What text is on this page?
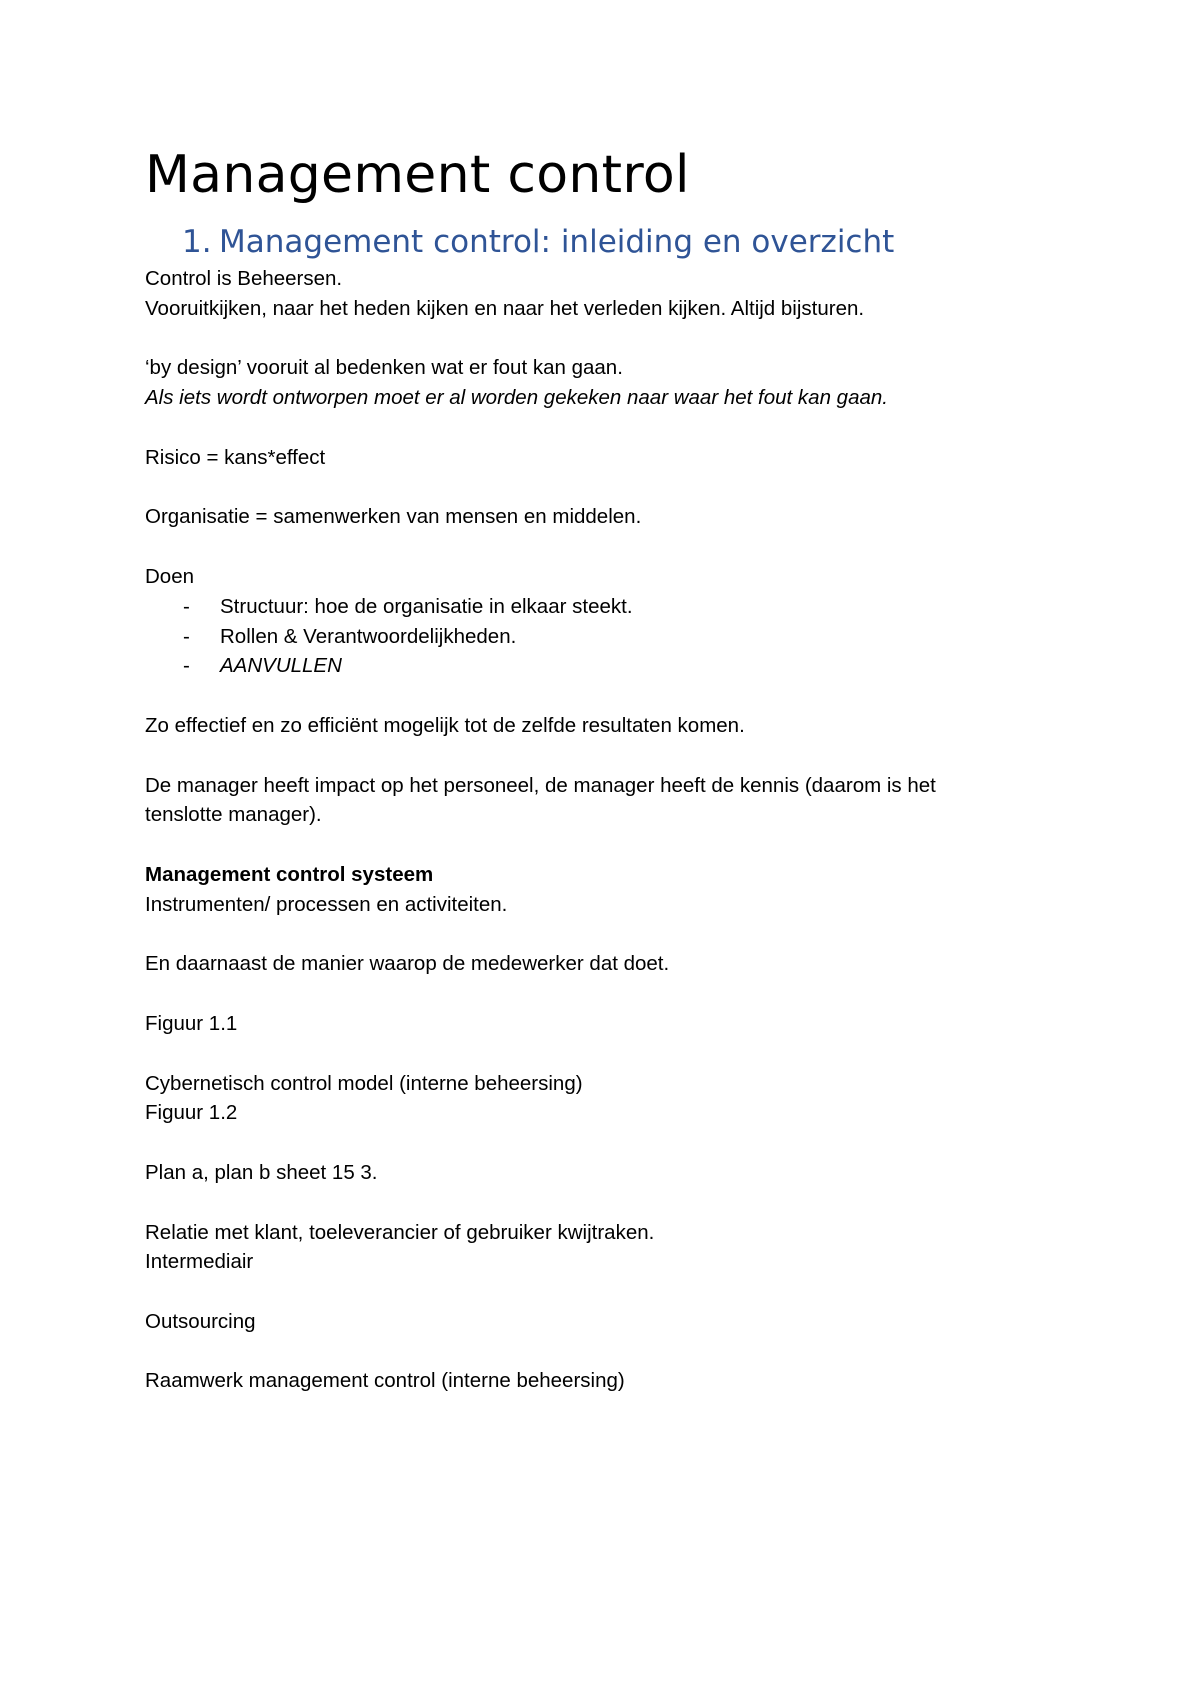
Management control
1. Management control: inleiding en overzicht

Control is Beheersen.

Vooruitkijken, naar het heden kijken en naar het verleden kijken. Altijd bijsturen.

‘by design’ vooruit al bedenken wat er fout kan gaan.

Als iets wordt ontworpen moet er al worden gekeken naar waar het fout kan gaan.

Risico = kans*effect

Organisatie = samenwerken van mensen en middelen.

Doen

-	Structuur: hoe de organisatie in elkaar steekt.
-	Rollen & Verantwoordelijkheden.
-	AANVULLEN

Zo effectief en zo efficiënt mogelijk tot de zelfde resultaten komen.

De manager heeft impact op het personeel, de manager heeft de kennis (daarom is het

tenslotte manager).

Management control systeem

Instrumenten/ processen en activiteiten.

En daarnaast de manier waarop de medewerker dat doet.

Figuur 1.1

Cybernetisch control model (interne beheersing)

Figuur 1.2

Plan a, plan b sheet 15 3.

Relatie met klant, toeleverancier of gebruiker kwijtraken.

Intermediair

Outsourcing

Raamwerk management control (interne beheersing)
